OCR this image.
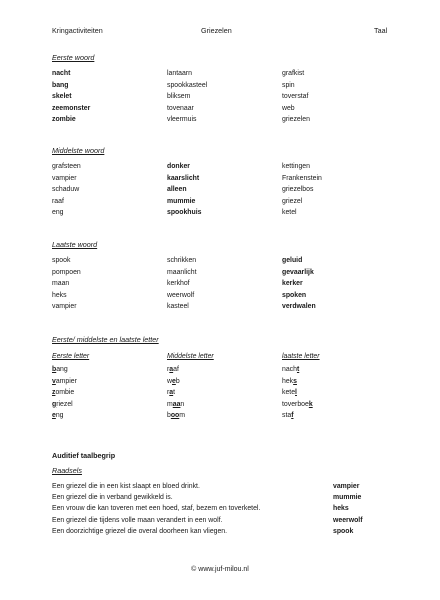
Kringactiviteiten	Griezelen	Taal
Eerste woord
nacht	lantaarn	grafkist
bang	spookkasteel	spin
skelet	bliksem	toverstaf
zeemonster	tovenaar	web
zombie	vleermuis	griezelen
Middelste woord
grafsteen	donker	kettingen
vampier	kaarslicht	Frankenstein
schaduw	alleen	griezelbos
raaf	mummie	griezel
eng	spookhuis	ketel
Laatste woord
spook	schrikken	geluid
pompoen	maanlicht	gevaarlijk
maan	kerkhof	kerker
heks	weerwolf	spoken
vampier	kasteel	verdwalen
Eerste/ middelste en laatste letter
Eerste letter	Middelste letter	laatste letter
bang	raaf	nacht
vampier	web	heks
zombie	rat	ketel
griezel	maan	toverboek
eng	boom	staf
Auditief taalbegrip
Raadsels
Een griezel die in een kist slaapt en bloed drinkt.	vampier
Een griezel die in verband gewikkeld is.	mummie
Een vrouw die kan toveren met een hoed, staf, bezem en toverketel.	heks
Een griezel die tijdens volle maan verandert in een wolf.	weerwolf
Een doorzichtige griezel die overal doorheen kan vliegen.	spook
© www.juf-milou.nl
